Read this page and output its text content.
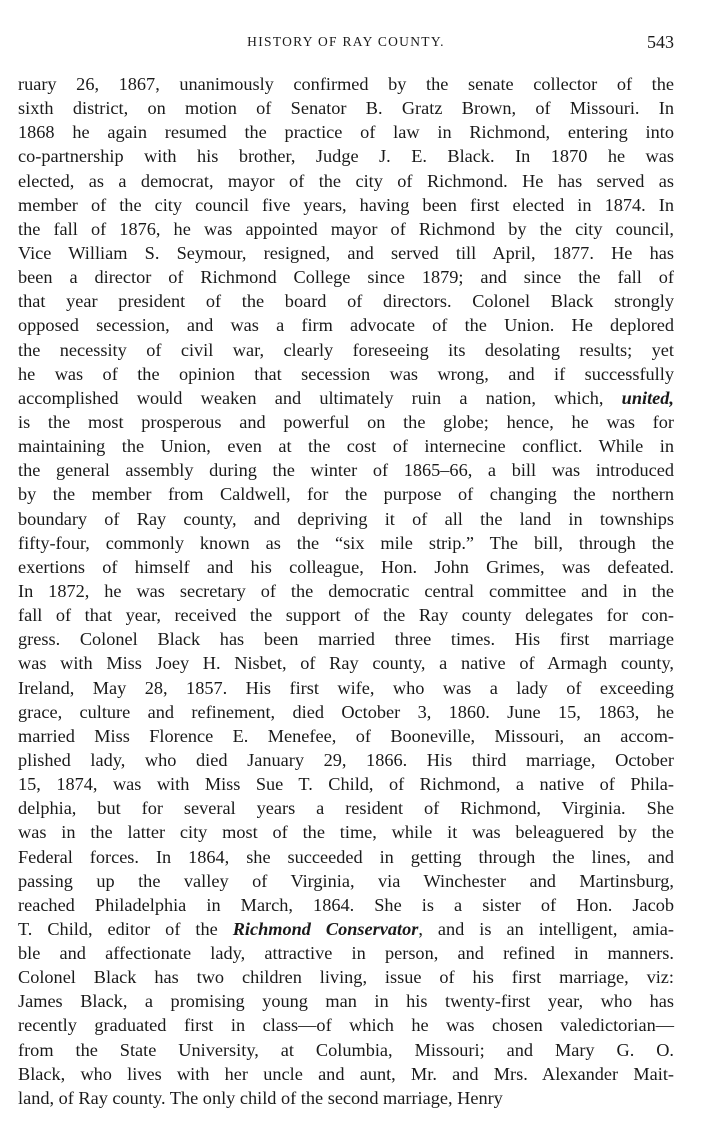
HISTORY OF RAY COUNTY.	543
ruary 26, 1867, unanimously confirmed by the senate collector of the
sixth district, on motion of Senator B. Gratz Brown, of Missouri. In
1868 he again resumed the practice of law in Richmond, entering into
co-partnership with his brother, Judge J. E. Black. In 1870 he was
elected, as a democrat, mayor of the city of Richmond. He has served as
member of the city council five years, having been first elected in 1874. In
the fall of 1876, he was appointed mayor of Richmond by the city council,
Vice William S. Seymour, resigned, and served till April, 1877. He has
been a director of Richmond College since 1879; and since the fall of
that year president of the board of directors. Colonel Black strongly
opposed secession, and was a firm advocate of the Union. He deplored
the necessity of civil war, clearly foreseeing its desolating results; yet
he was of the opinion that secession was wrong, and if successfully
accomplished would weaken and ultimately ruin a nation, which, united,
is the most prosperous and powerful on the globe; hence, he was for
maintaining the Union, even at the cost of internecine conflict. While in
the general assembly during the winter of 1865–66, a bill was introduced
by the member from Caldwell, for the purpose of changing the northern
boundary of Ray county, and depriving it of all the land in townships
fifty-four, commonly known as the “six mile strip.” The bill, through the
exertions of himself and his colleague, Hon. John Grimes, was defeated.
In 1872, he was secretary of the democratic central committee and in the
fall of that year, received the support of the Ray county delegates for con-
gress. Colonel Black has been married three times. His first marriage
was with Miss Joey H. Nisbet, of Ray county, a native of Armagh county,
Ireland, May 28, 1857. His first wife, who was a lady of exceeding
grace, culture and refinement, died October 3, 1860. June 15, 1863, he
married Miss Florence E. Menefee, of Booneville, Missouri, an accom-
plished lady, who died January 29, 1866. His third marriage, October
15, 1874, was with Miss Sue T. Child, of Richmond, a native of Phila-
delphia, but for several years a resident of Richmond, Virginia. She
was in the latter city most of the time, while it was beleaguered by the
Federal forces. In 1864, she succeeded in getting through the lines, and
passing up the valley of Virginia, via Winchester and Martinsburg,
reached Philadelphia in March, 1864. She is a sister of Hon. Jacob
T. Child, editor of the Richmond Conservator, and is an intelligent, amia-
ble and affectionate lady, attractive in person, and refined in manners.
Colonel Black has two children living, issue of his first marriage, viz:
James Black, a promising young man in his twenty-first year, who has
recently graduated first in class—of which he was chosen valedictorian—
from the State University, at Columbia, Missouri; and Mary G. O.
Black, who lives with her uncle and aunt, Mr. and Mrs. Alexander Mait-
land, of Ray county. The only child of the second marriage, Henry
